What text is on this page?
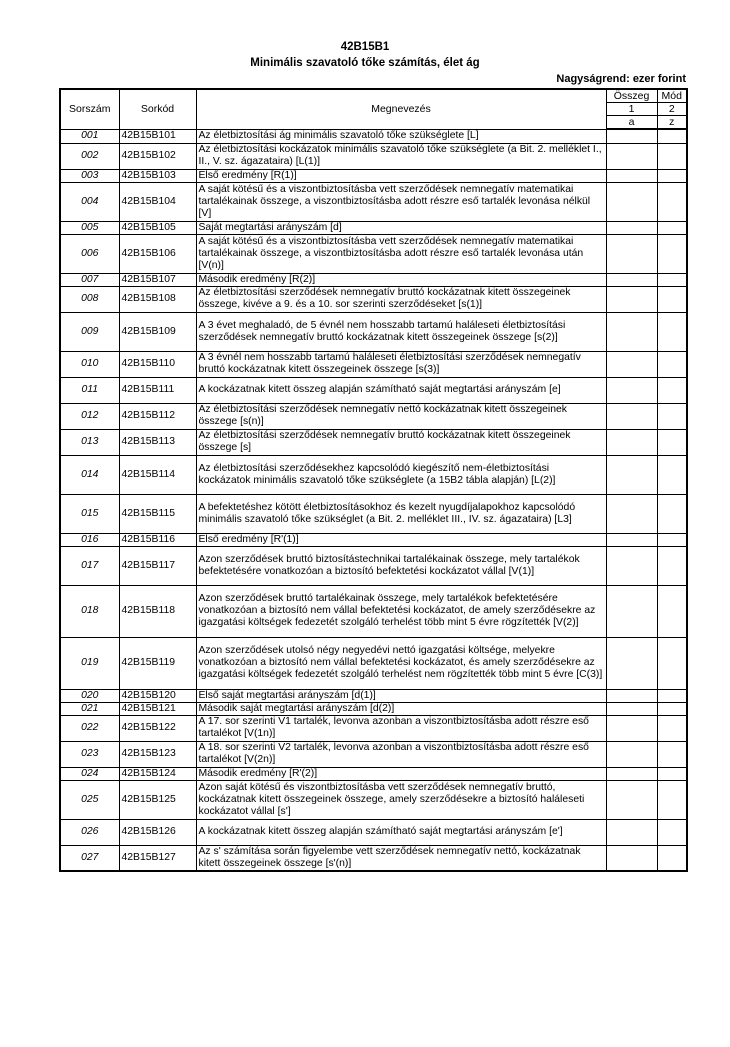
42B15B1
Minimális szavatoló tőke számítás, élet ág
Nagyságrend: ezer forint
Sorszám	Sorkód	Megnevezés	Összeg	Mód
			1	2
			a	z
001	42B15B101	Az életbiztosítási ág minimális szavatoló tőke szükséglete [L]		
002	42B15B102	Az életbiztosítási kockázatok minimális szavatoló tőke szükséglete (a Bit. 2. melléklet I., II., V. sz. ágazataira) [L(1)]		
003	42B15B103	Első eredmény [R(1)]		
004	42B15B104	A saját kötésű és a viszontbiztosításba vett szerződések nemnegatív matematikai tartalékainak összege, a viszontbiztosításba adott részre eső tartalék levonása nélkül [V]		
005	42B15B105	Saját megtartási arányszám [d]		
006	42B15B106	A saját kötésű és a viszontbiztosításba vett szerződések nemnegatív matematikai tartalékainak összege, a viszontbiztosításba adott részre eső tartalék levonása után [V(n)]		
007	42B15B107	Második eredmény [R(2)]		
008	42B15B108	Az életbiztosítási szerződések nemnegatív bruttó kockázatnak kitett összegeinek összege, kivéve a 9. és a 10. sor szerinti szerződéseket [s(1)]		
009	42B15B109	A 3 évet meghaladó, de 5 évnél nem hosszabb tartamú haláleseti életbiztosítási szerződések nemnegatív bruttó kockázatnak kitett összegeinek összege [s(2)]		
010	42B15B110	A 3 évnél nem hosszabb tartamú haláleseti életbiztosítási szerződések nemnegatív bruttó kockázatnak kitett összegeinek összege [s(3)]		
011	42B15B111	A kockázatnak kitett összeg alapján számítható saját megtartási arányszám [e]		
012	42B15B112	Az életbiztosítási szerződések nemnegatív nettó kockázatnak kitett összegeinek összege [s(n)]		
013	42B15B113	Az életbiztosítási szerződések nemnegatív bruttó kockázatnak kitett összegeinek összege [s]		
014	42B15B114	Az életbiztosítási szerződésekhez kapcsolódó kiegészítő nem-életbiztosítási kockázatok minimális szavatoló tőke szükséglete (a 15B2 tábla alapján) [L(2)]		
015	42B15B115	A befektetéshez kötött életbiztosításokhoz és kezelt nyugdíjalapokhoz kapcsolódó minimális szavatoló tőke szükséglet (a Bit. 2. melléklet III., IV. sz. ágazataira) [L3]		
016	42B15B116	Első eredmény [R'(1)]		
017	42B15B117	Azon szerződések bruttó biztosítástechnikai tartalékainak összege, mely tartalékok befektetésére vonatkozóan a biztosító befektetési kockázatot vállal [V(1)]		
018	42B15B118	Azon szerződések bruttó tartalékainak összege, mely tartalékok befektetésére vonatkozóan a biztosító nem vállal befektetési kockázatot, de amely szerződésekre az igazgatási költségek fedezetét szolgáló terhelést több mint 5 évre rögzítették [V(2)]		
019	42B15B119	Azon szerződések utolsó négy negyedévi nettó igazgatási költsége, melyekre vonatkozóan a biztosító nem vállal befektetési kockázatot, és amely szerződésekre az igazgatási költségek fedezetét szolgáló terhelést nem rögzítették több mint 5 évre [C(3)]		
020	42B15B120	Első saját megtartási arányszám [d(1)]		
021	42B15B121	Második saját megtartási arányszám [d(2)]		
022	42B15B122	A 17. sor szerinti V1 tartalék, levonva azonban a viszontbiztosításba adott részre eső tartalékot [V(1n)]		
023	42B15B123	A 18. sor szerinti V2 tartalék, levonva azonban a viszontbiztosításba adott részre eső tartalékot [V(2n)]		
024	42B15B124	Második eredmény [R'(2)]		
025	42B15B125	Azon saját kötésű és viszontbiztosításba vett szerződések nemnegatív bruttó, kockázatnak kitett összegeinek összege, amely szerződésekre a biztosító haláleseti kockázatot vállal [s']		
026	42B15B126	A kockázatnak kitett összeg alapján számítható saját megtartási arányszám [e']		
027	42B15B127	Az s' számítása során figyelembe vett szerződések nemnegatív nettó, kockázatnak kitett összegeinek összege [s'(n)]		
